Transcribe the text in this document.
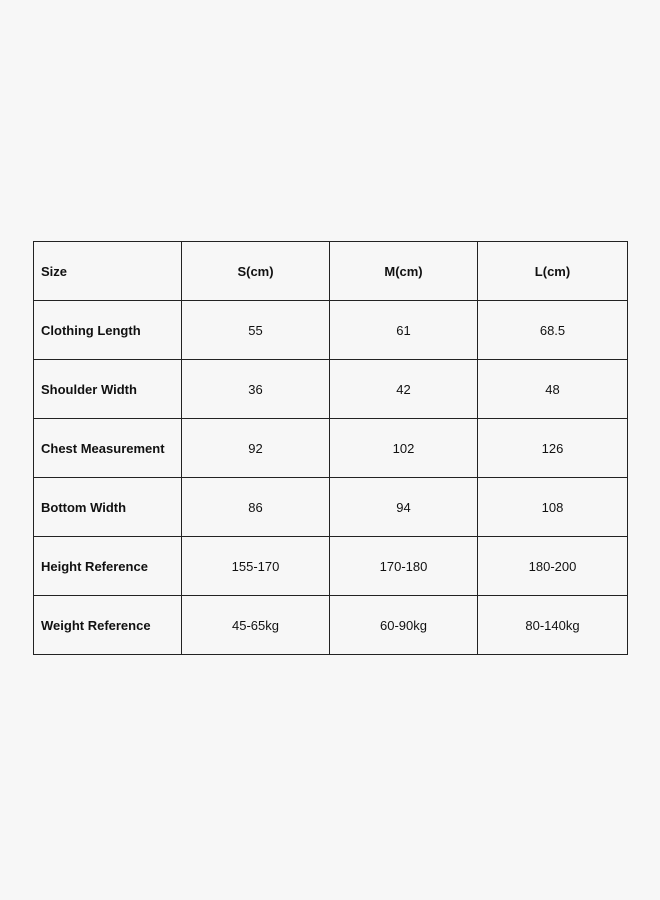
Size	S(cm)	M(cm)	L(cm)
Clothing Length	55	61	68.5
Shoulder Width	36	42	48
Chest Measurement	92	102	126
Bottom Width	86	94	108
Height Reference	155-170	170-180	180-200
Weight Reference	45-65kg	60-90kg	80-140kg
